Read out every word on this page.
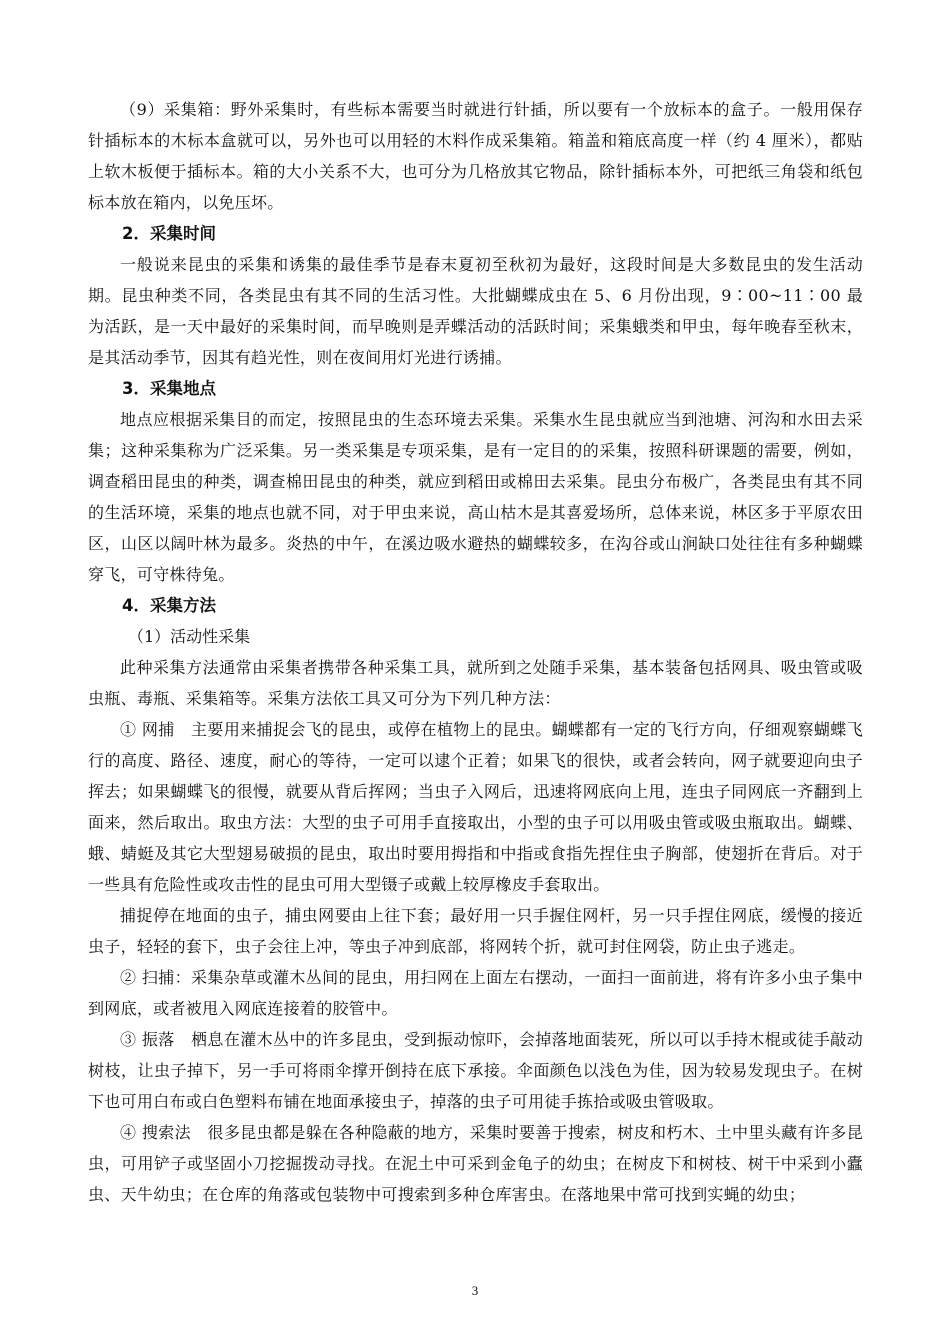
（9）采集箱：野外采集时，有些标本需要当时就进行针插，所以要有一个放标本的盒子。一般用保存针插标本的木标本盒就可以，另外也可以用轻的木料作成采集箱。箱盖和箱底高度一样（约 4 厘米），都贴上软木板便于插标本。箱的大小关系不大，也可分为几格放其它物品，除针插标本外，可把纸三角袋和纸包标本放在箱内，以免压坏。

2．采集时间

一般说来昆虫的采集和诱集的最佳季节是春末夏初至秋初为最好，这段时间是大多数昆虫的发生活动期。昆虫种类不同，各类昆虫有其不同的生活习性。大批蝴蝶成虫在 5、6 月份出现，9∶00~11∶00 最为活跃，是一天中最好的采集时间，而早晚则是弄蝶活动的活跃时间；采集蛾类和甲虫，每年晚春至秋末，是其活动季节，因其有趋光性，则在夜间用灯光进行诱捕。

3．采集地点

地点应根据采集目的而定，按照昆虫的生态环境去采集。采集水生昆虫就应当到池塘、河沟和水田去采集；这种采集称为广泛采集。另一类采集是专项采集，是有一定目的的采集，按照科研课题的需要，例如，调查稻田昆虫的种类，调查棉田昆虫的种类，就应到稻田或棉田去采集。昆虫分布极广，各类昆虫有其不同的生活环境，采集的地点也就不同，对于甲虫来说，高山枯木是其喜爱场所，总体来说，林区多于平原农田区，山区以阔叶林为最多。炎热的中午，在溪边吸水避热的蝴蝶较多，在沟谷或山涧缺口处往往有多种蝴蝶穿飞，可守株待兔。

4．采集方法

（1）活动性采集

此种采集方法通常由采集者携带各种采集工具，就所到之处随手采集，基本装备包括网具、吸虫管或吸虫瓶、毒瓶、采集箱等。采集方法依工具又可分为下列几种方法：

① 网捕　主要用来捕捉会飞的昆虫，或停在植物上的昆虫。蝴蝶都有一定的飞行方向，仔细观察蝴蝶飞行的高度、路径、速度，耐心的等待，一定可以逮个正着；如果飞的很快，或者会转向，网子就要迎向虫子挥去；如果蝴蝶飞的很慢，就要从背后挥网；当虫子入网后，迅速将网底向上甩，连虫子同网底一齐翻到上面来，然后取出。取虫方法：大型的虫子可用手直接取出，小型的虫子可以用吸虫管或吸虫瓶取出。蝴蝶、蛾、蜻蜓及其它大型翅易破损的昆虫，取出时要用拇指和中指或食指先捏住虫子胸部，使翅折在背后。对于一些具有危险性或攻击性的昆虫可用大型镊子或戴上较厚橡皮手套取出。

捕捉停在地面的虫子，捕虫网要由上往下套；最好用一只手握住网杆，另一只手捏住网底，缓慢的接近虫子，轻轻的套下，虫子会往上冲，等虫子冲到底部，将网转个折，就可封住网袋，防止虫子逃走。

② 扫捕：采集杂草或灌木丛间的昆虫，用扫网在上面左右摆动，一面扫一面前进，将有许多小虫子集中到网底，或者被甩入网底连接着的胶管中。

③ 振落　栖息在灌木丛中的许多昆虫，受到振动惊吓，会掉落地面装死，所以可以手持木棍或徒手敲动树枝，让虫子掉下，另一手可将雨伞撑开倒持在底下承接。伞面颜色以浅色为佳，因为较易发现虫子。在树下也可用白布或白色塑料布铺在地面承接虫子，掉落的虫子可用徒手拣拾或吸虫管吸取。

④ 搜索法　很多昆虫都是躲在各种隐蔽的地方，采集时要善于搜索，树皮和朽木、土中里头藏有许多昆虫，可用铲子或坚固小刀挖掘拨动寻找。在泥土中可采到金龟子的幼虫；在树皮下和树枝、树干中采到小蠹虫、天牛幼虫；在仓库的角落或包装物中可搜索到多种仓库害虫。在落地果中常可找到实蝇的幼虫；

3
